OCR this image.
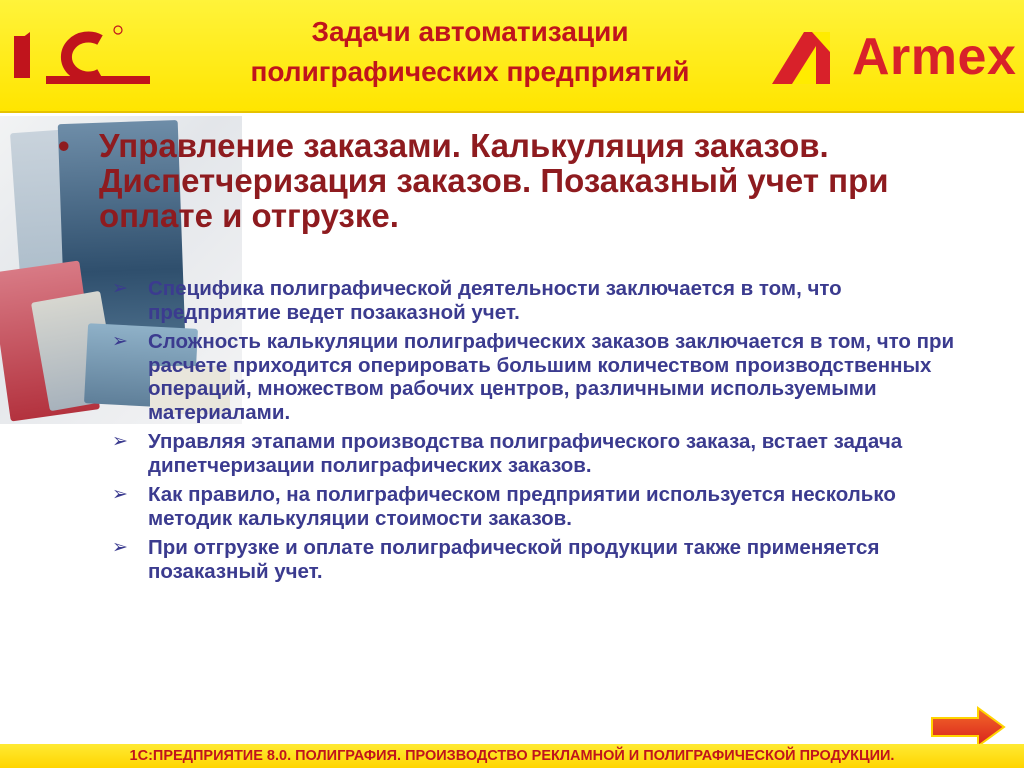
Задачи автоматизации
полиграфических предприятий	Armex
• Управление заказами. Калькуляция заказов. Диспетчеризация заказов. Позаказный учет при оплате и отгрузке.
➢ Специфика полиграфической деятельности заключается в том, что предприятие ведет позаказной учет.
➢ Сложность калькуляции полиграфических заказов заключается в том, что при расчете приходится оперировать большим количеством производственных операций, множеством рабочих центров, различными используемыми материалами.
➢ Управляя этапами производства полиграфического заказа, встает задача дипетчеризации полиграфических заказов.
➢ Как правило, на полиграфическом предприятии используется несколько методик калькуляции стоимости заказов.
➢ При отгрузке и оплате полиграфической продукции также применяется позаказный учет.
1С:ПРЕДПРИЯТИЕ 8.0. ПОЛИГРАФИЯ. ПРОИЗВОДСТВО РЕКЛАМНОЙ И ПОЛИГРАФИЧЕСКОЙ ПРОДУКЦИИ.
